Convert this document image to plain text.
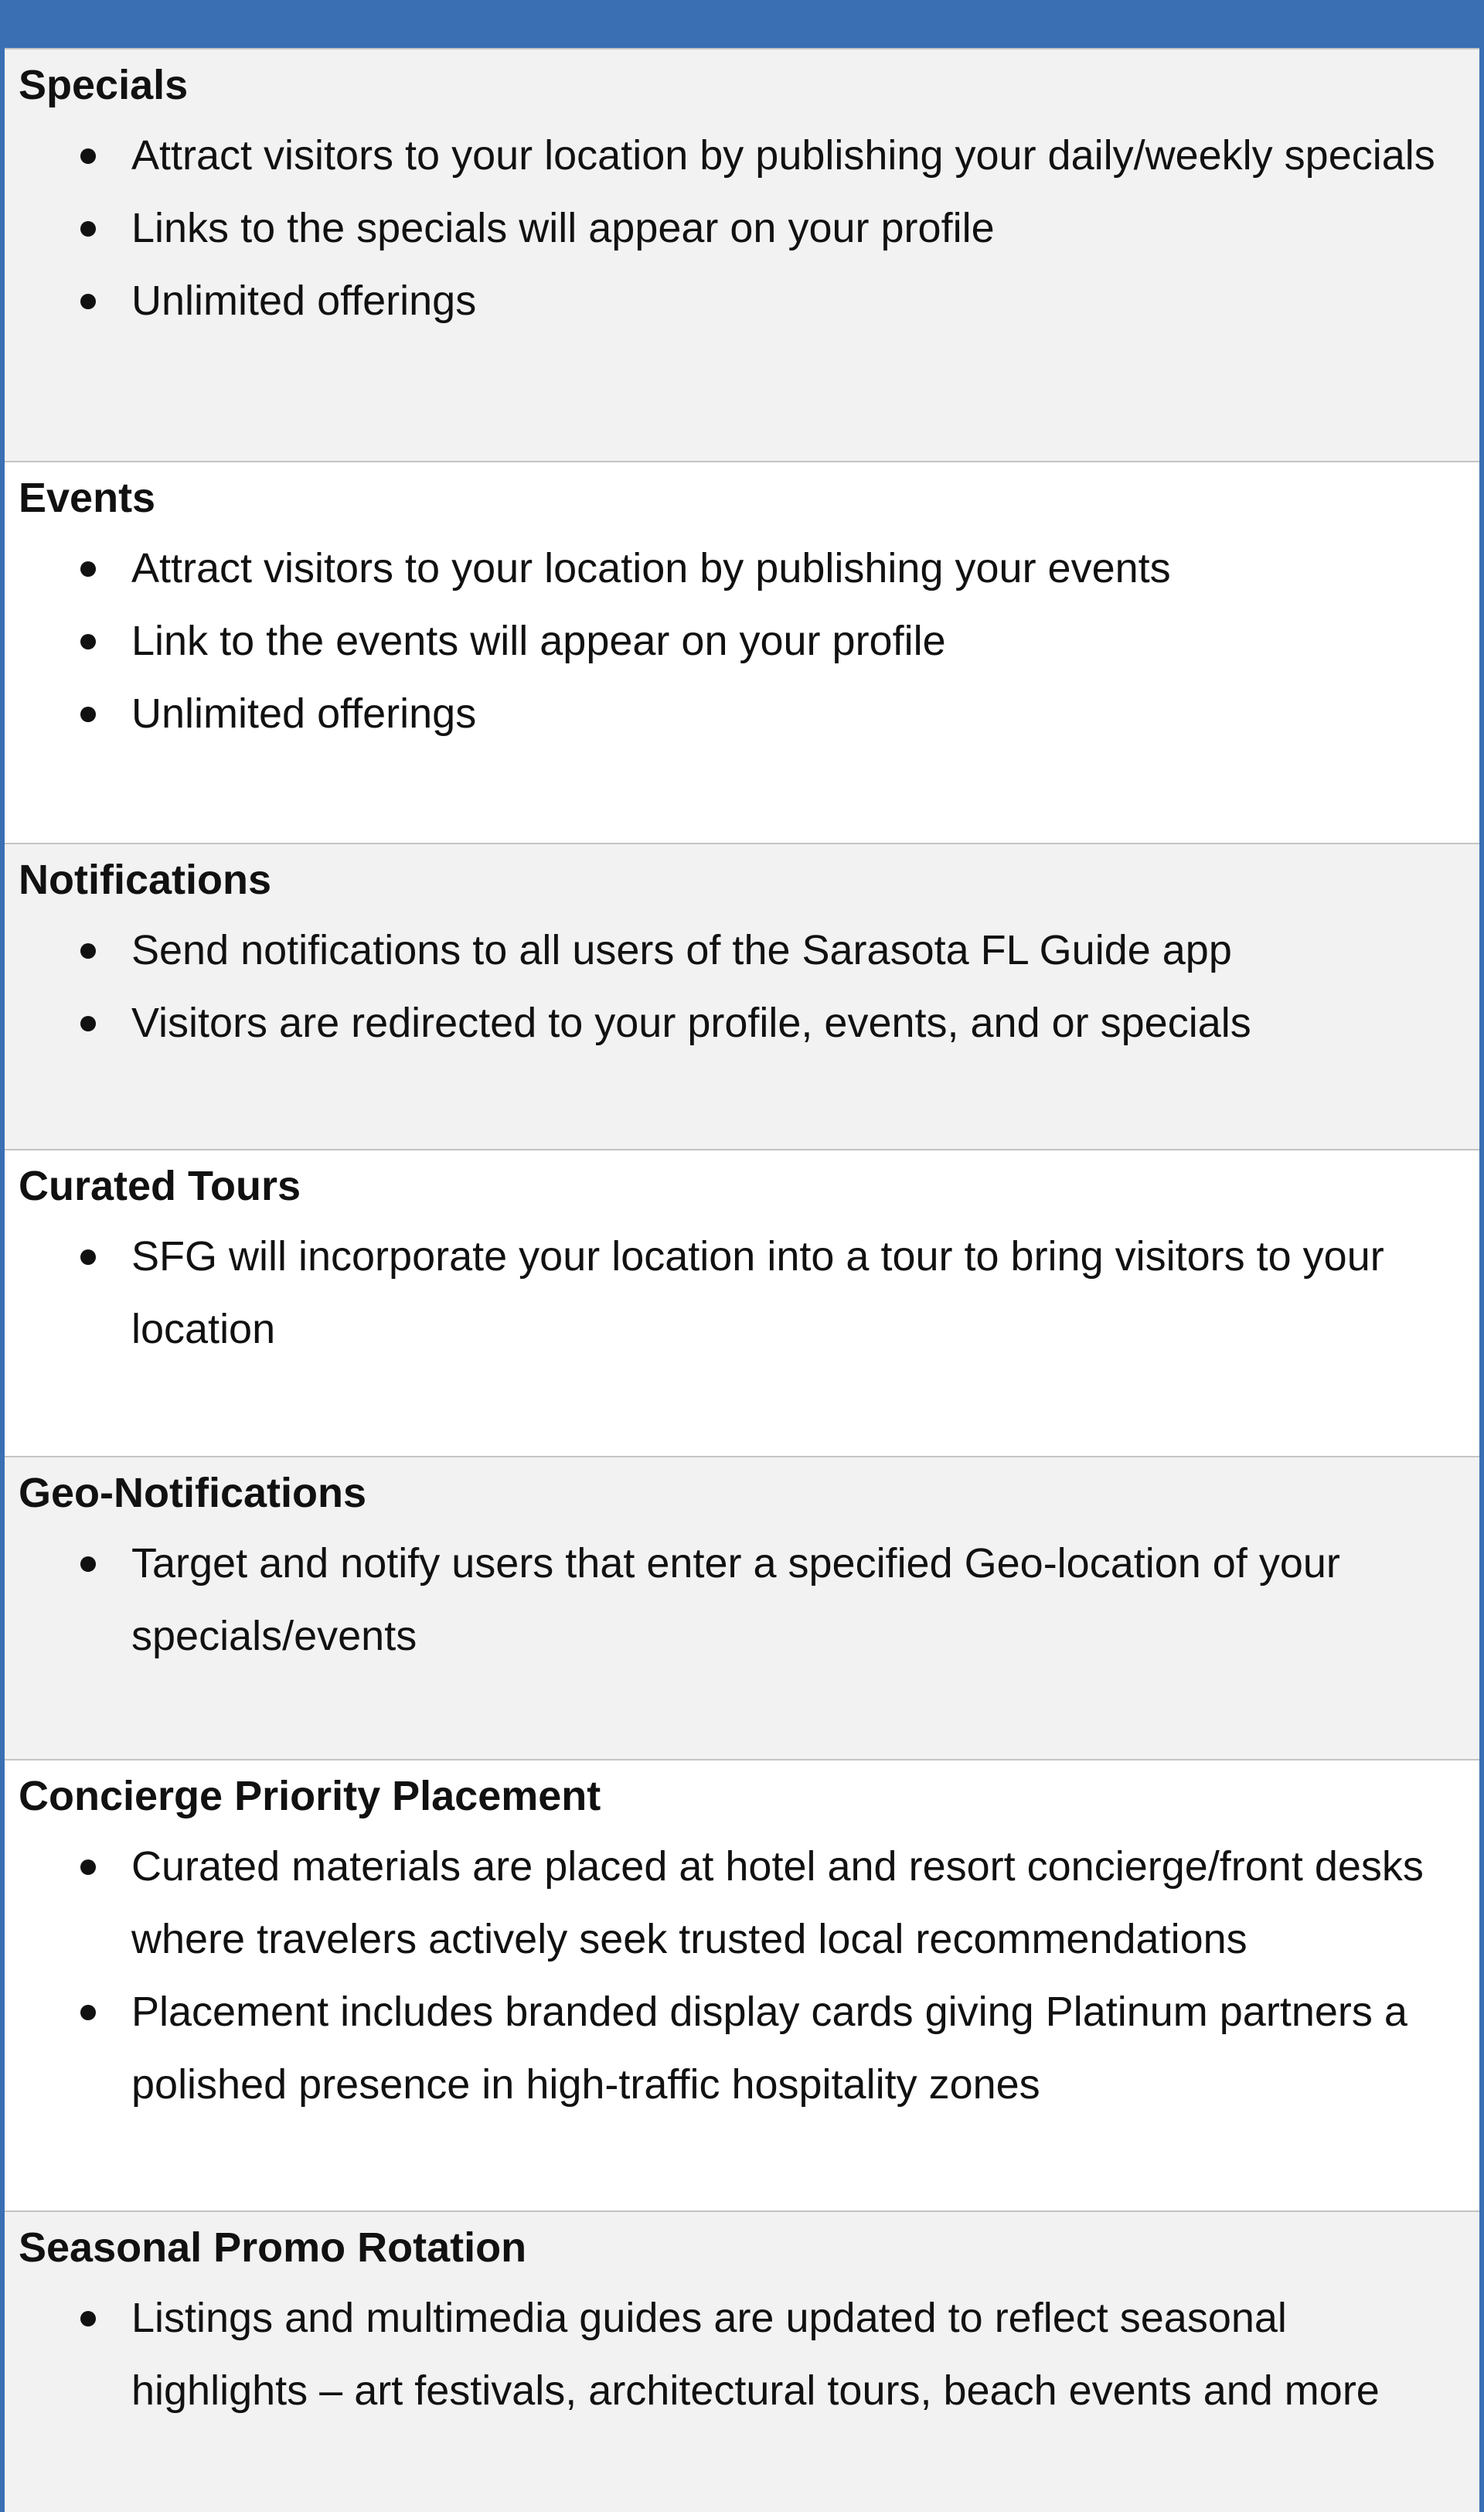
Specials
Attract visitors to your location by publishing your daily/weekly specials
Links to the specials will appear on your profile
Unlimited offerings
Events
Attract visitors to your location by publishing your events
Link to the events will appear on your profile
Unlimited offerings
Notifications
Send notifications to all users of the Sarasota FL Guide app
Visitors are redirected to your profile, events, and or specials
Curated Tours
SFG will incorporate your location into a tour to bring visitors to your location
Geo-Notifications
Target and notify users that enter a specified Geo-location of your specials/events
Concierge Priority Placement
Curated materials are placed at hotel and resort concierge/front desks where travelers actively seek trusted local recommendations
Placement includes branded display cards giving Platinum partners a polished presence in high-traffic hospitality zones
Seasonal Promo Rotation
Listings and multimedia guides are updated to reflect seasonal highlights – art festivals, architectural tours, beach events and more
